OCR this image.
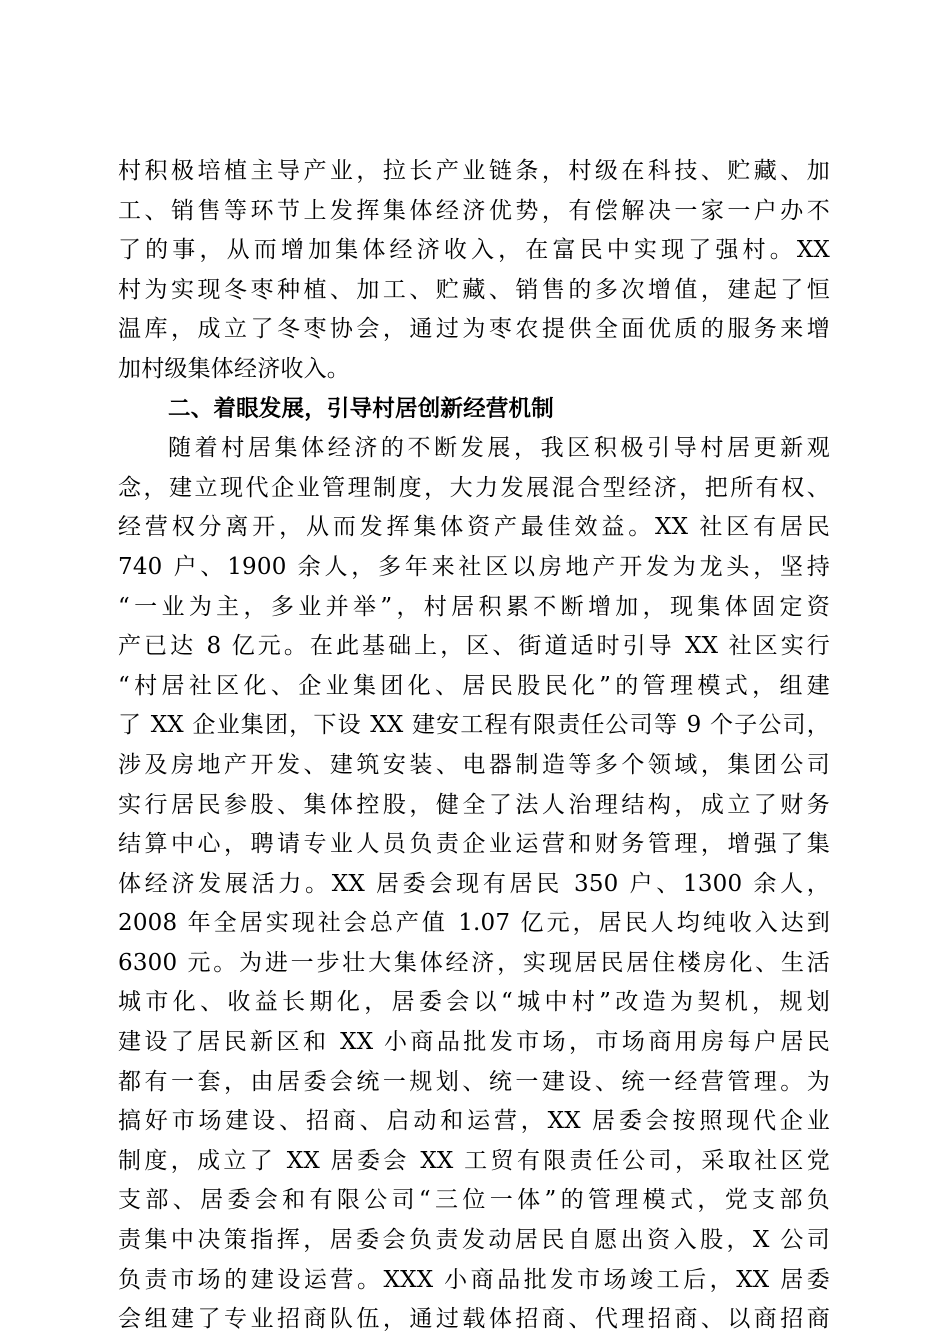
村积极培植主导产业，拉长产业链条，村级在科技、贮藏、加
工、销售等环节上发挥集体经济优势，有偿解决一家一户办不
了的事，从而增加集体经济收入，在富民中实现了强村。XX
村为实现冬枣种植、加工、贮藏、销售的多次增值，建起了恒
温库，成立了冬枣协会，通过为枣农提供全面优质的服务来增
加村级集体经济收入。
二、着眼发展，引导村居创新经营机制
随着村居集体经济的不断发展，我区积极引导村居更新观
念，建立现代企业管理制度，大力发展混合型经济，把所有权、
经营权分离开，从而发挥集体资产最佳效益。XX 社区有居民
740 户、1900 余人，多年来社区以房地产开发为龙头，坚持
“一业为主，多业并举”，村居积累不断增加，现集体固定资
产已达 8 亿元。在此基础上，区、街道适时引导 XX 社区实行
“村居社区化、企业集团化、居民股民化”的管理模式，组建
了 XX 企业集团，下设 XX 建安工程有限责任公司等 9 个子公司，
涉及房地产开发、建筑安装、电器制造等多个领域，集团公司
实行居民参股、集体控股，健全了法人治理结构，成立了财务
结算中心，聘请专业人员负责企业运营和财务管理，增强了集
体经济发展活力。XX 居委会现有居民 350 户、1300 余人，
2008 年全居实现社会总产值 1.07 亿元，居民人均纯收入达到
6300 元。为进一步壮大集体经济，实现居民居住楼房化、生活
城市化、收益长期化，居委会以“城中村”改造为契机，规划
建设了居民新区和 XX 小商品批发市场，市场商用房每户居民
都有一套，由居委会统一规划、统一建设、统一经营管理。为
搞好市场建设、招商、启动和运营，XX 居委会按照现代企业
制度，成立了 XX 居委会 XX 工贸有限责任公司，采取社区党
支部、居委会和有限公司“三位一体”的管理模式，党支部负
责集中决策指挥，居委会负责发动居民自愿出资入股，X 公司
负责市场的建设运营。XXX 小商品批发市场竣工后，XX 居委
会组建了专业招商队伍，通过载体招商、代理招商、以商招商
